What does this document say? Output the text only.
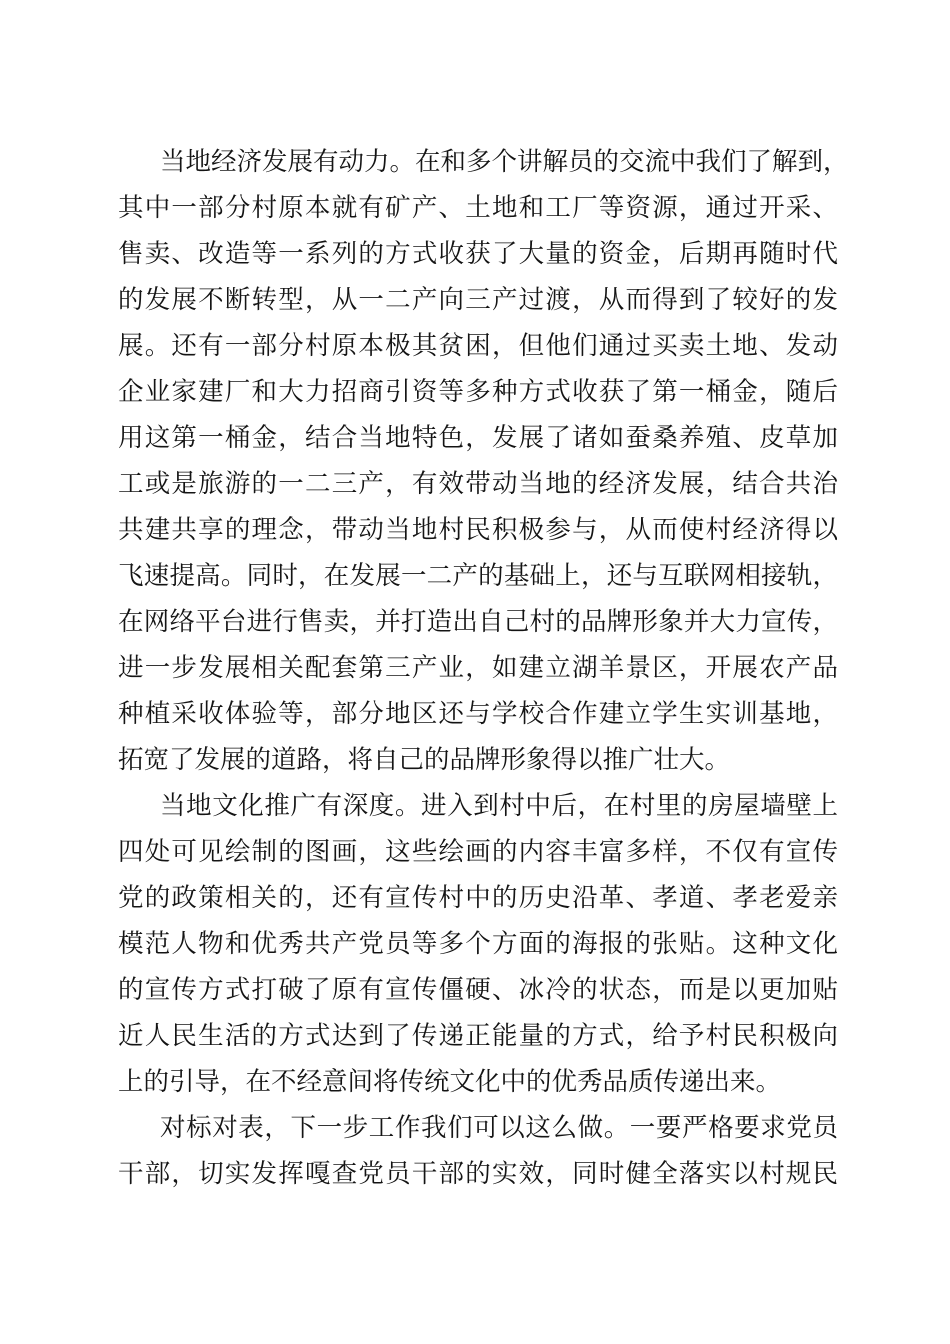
当地经济发展有动力。在和多个讲解员的交流中我们了解到，
其中一部分村原本就有矿产、土地和工厂等资源，通过开采、
售卖、改造等一系列的方式收获了大量的资金，后期再随时代
的发展不断转型，从一二产向三产过渡，从而得到了较好的发
展。还有一部分村原本极其贫困，但他们通过买卖土地、发动
企业家建厂和大力招商引资等多种方式收获了第一桶金，随后
用这第一桶金，结合当地特色，发展了诸如蚕桑养殖、皮草加
工或是旅游的一二三产，有效带动当地的经济发展，结合共治
共建共享的理念，带动当地村民积极参与，从而使村经济得以
飞速提高。同时，在发展一二产的基础上，还与互联网相接轨，
在网络平台进行售卖，并打造出自己村的品牌形象并大力宣传，
进一步发展相关配套第三产业，如建立湖羊景区，开展农产品
种植采收体验等，部分地区还与学校合作建立学生实训基地，
拓宽了发展的道路，将自己的品牌形象得以推广壮大。
当地文化推广有深度。进入到村中后，在村里的房屋墙壁上
四处可见绘制的图画，这些绘画的内容丰富多样，不仅有宣传
党的政策相关的，还有宣传村中的历史沿革、孝道、孝老爱亲
模范人物和优秀共产党员等多个方面的海报的张贴。这种文化
的宣传方式打破了原有宣传僵硬、冰冷的状态，而是以更加贴
近人民生活的方式达到了传递正能量的方式，给予村民积极向
上的引导，在不经意间将传统文化中的优秀品质传递出来。
对标对表，下一步工作我们可以这么做。一要严格要求党员
干部，切实发挥嘎查党员干部的实效，同时健全落实以村规民
